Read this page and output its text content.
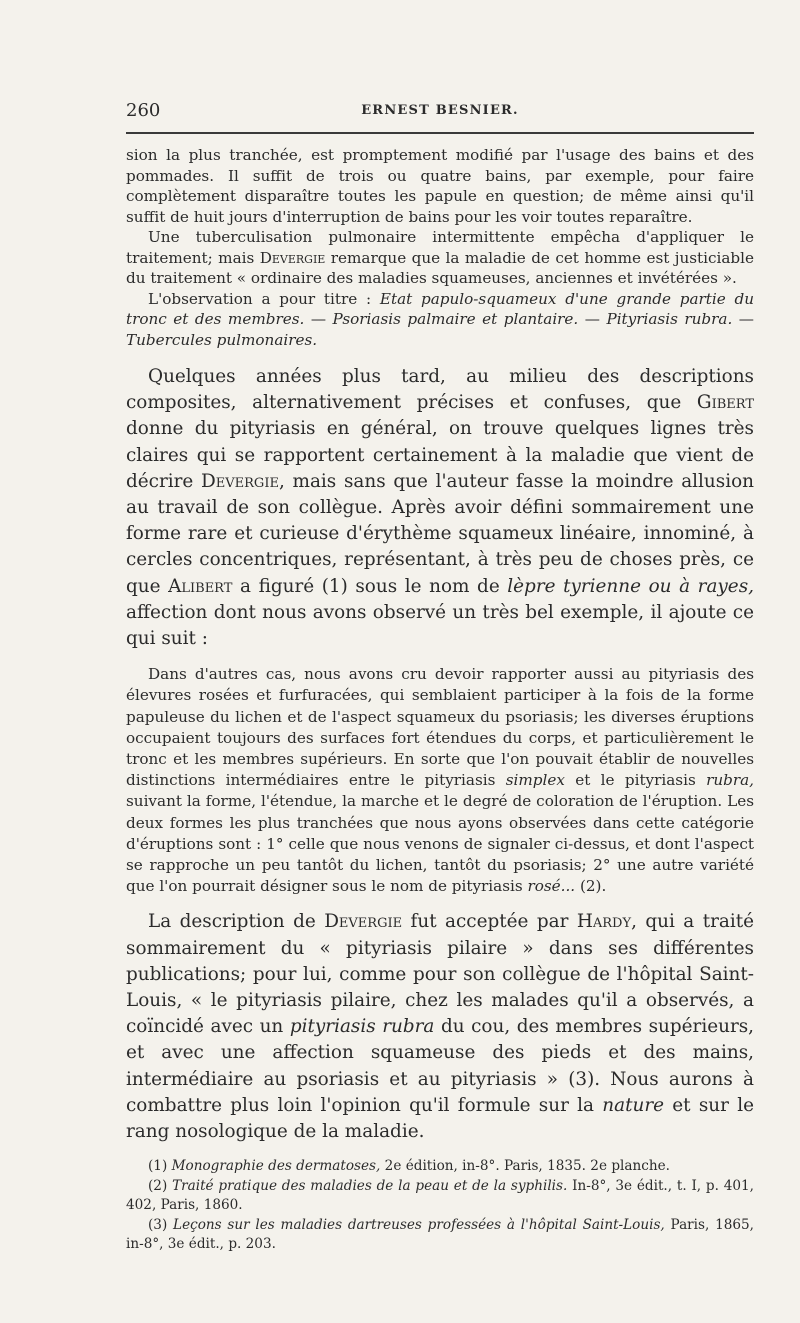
260	ERNEST BESNIER.

sion la plus tranchée, est promptement modifié par l'usage des bains et des pommades. Il suffit de trois ou quatre bains, par exemple, pour faire complètement disparaître toutes les papule en question; de même ainsi qu'il suffit de huit jours d'interruption de bains pour les voir toutes reparaître.

Une tuberculisation pulmonaire intermittente empêcha d'appliquer le traitement; mais Devergie remarque que la maladie de cet homme est justiciable du traitement « ordinaire des maladies squameuses, anciennes et invétérées ».

L'observation a pour titre : Etat papulo-squameux d'une grande partie du tronc et des membres. — Psoriasis palmaire et plantaire. — Pityriasis rubra. — Tubercules pulmonaires.

Quelques années plus tard, au milieu des descriptions composites, alternativement précises et confuses, que Gibert donne du pityriasis en général, on trouve quelques lignes très claires qui se rapportent certainement à la maladie que vient de décrire Devergie, mais sans que l'auteur fasse la moindre allusion au travail de son collègue. Après avoir défini sommairement une forme rare et curieuse d'érythème squameux linéaire, innominé, à cercles concentriques, représentant, à très peu de choses près, ce que Alibert a figuré (1) sous le nom de lèpre tyrienne ou à rayes, affection dont nous avons observé un très bel exemple, il ajoute ce qui suit :

Dans d'autres cas, nous avons cru devoir rapporter aussi au pityriasis des élevures rosées et furfuracées, qui semblaient participer à la fois de la forme papuleuse du lichen et de l'aspect squameux du psoriasis; les diverses éruptions occupaient toujours des surfaces fort étendues du corps, et particulièrement le tronc et les membres supérieurs. En sorte que l'on pouvait établir de nouvelles distinctions intermédiaires entre le pityriasis simplex et le pityriasis rubra, suivant la forme, l'étendue, la marche et le degré de coloration de l'éruption. Les deux formes les plus tranchées que nous ayons observées dans cette catégorie d'éruptions sont : 1° celle que nous venons de signaler ci-dessus, et dont l'aspect se rapproche un peu tantôt du lichen, tantôt du psoriasis; 2° une autre variété que l'on pourrait désigner sous le nom de pityriasis rosé... (2).

La description de Devergie fut acceptée par Hardy, qui a traité sommairement du « pityriasis pilaire » dans ses différentes publications; pour lui, comme pour son collègue de l'hôpital Saint-Louis, « le pityriasis pilaire, chez les malades qu'il a observés, a coïncidé avec un pityriasis rubra du cou, des membres supérieurs, et avec une affection squameuse des pieds et des mains, intermédiaire au psoriasis et au pityriasis » (3). Nous aurons à combattre plus loin l'opinion qu'il formule sur la nature et sur le rang nosologique de la maladie.

(1) Monographie des dermatoses, 2e édition, in-8°. Paris, 1835. 2e planche.

(2) Traité pratique des maladies de la peau et de la syphilis. In-8°, 3e édit., t. I, p. 401, 402, Paris, 1860.

(3) Leçons sur les maladies dartreuses professées à l'hôpital Saint-Louis, Paris, 1865, in-8°, 3e édit., p. 203.
